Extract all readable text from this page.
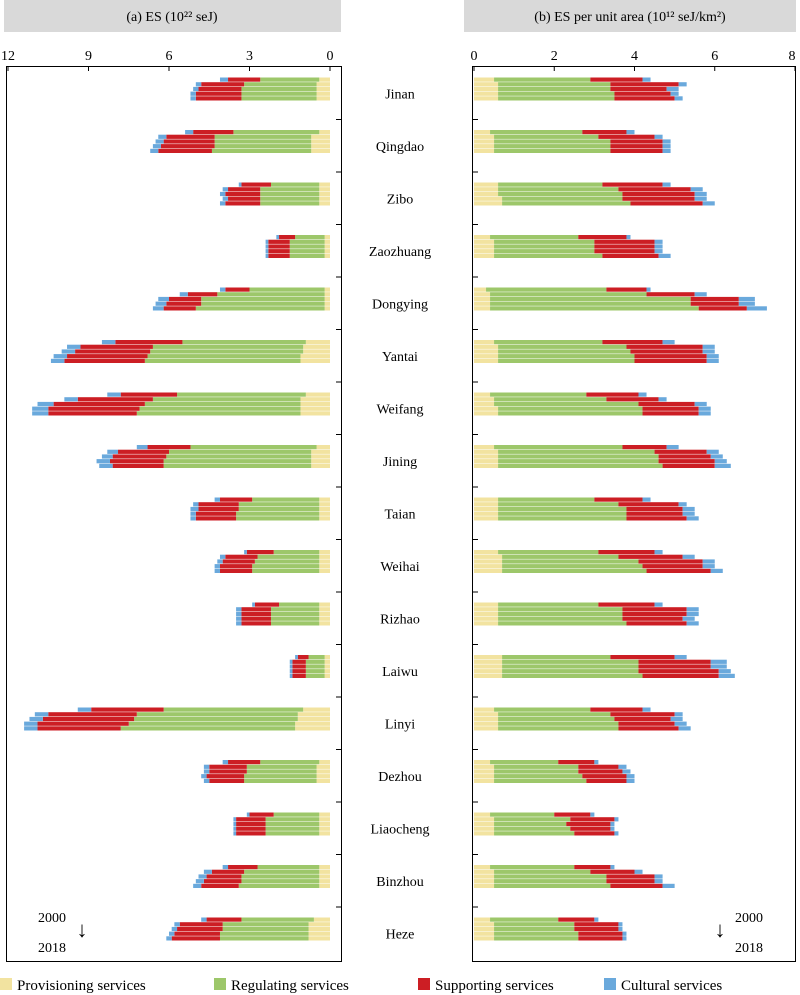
(a) ES (10²² seJ)	(b) ES per unit area (10¹² seJ/km²)
12	9	6	3	0	0	2	4	6	8
Jinan
Qingdao
Zibo
Zaozhuang
Dongying
Yantai
Weifang
Jining
Taian
Weihai
Rizhao
Laiwu
Linyi
Dezhou
Liaocheng
Binzhou
Heze
2000 ↓
2018
2000
↓
2018
Provisioning services	Regulating services	Supporting services	Cultural services
